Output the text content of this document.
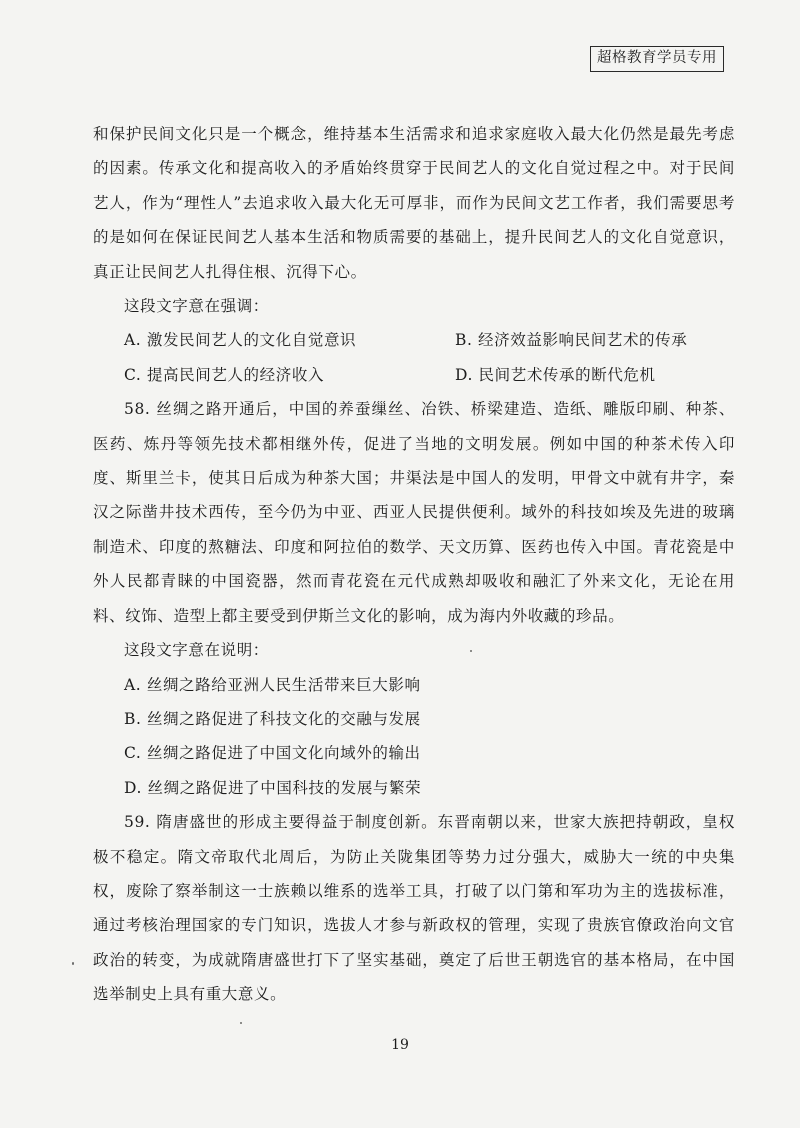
超格教育学员专用

和保护民间文化只是一个概念，维持基本生活需求和追求家庭收入最大化仍然是最先考虑的因素。传承文化和提高收入的矛盾始终贯穿于民间艺人的文化自觉过程之中。对于民间艺人，作为“理性人”去追求收入最大化无可厚非，而作为民间文艺工作者，我们需要思考的是如何在保证民间艺人基本生活和物质需要的基础上，提升民间艺人的文化自觉意识，真正让民间艺人扎得住根、沉得下心。

这段文字意在强调：

A. 激发民间艺人的文化自觉意识	B. 经济效益影响民间艺术的传承
C. 提高民间艺人的经济收入	D. 民间艺术传承的断代危机

58. 丝绸之路开通后，中国的养蚕缫丝、冶铁、桥梁建造、造纸、雕版印刷、种茶、医药、炼丹等领先技术都相继外传，促进了当地的文明发展。例如中国的种茶术传入印度、斯里兰卡，使其日后成为种茶大国；井渠法是中国人的发明，甲骨文中就有井字，秦汉之际凿井技术西传，至今仍为中亚、西亚人民提供便利。域外的科技如埃及先进的玻璃制造术、印度的熬糖法、印度和阿拉伯的数学、天文历算、医药也传入中国。青花瓷是中外人民都青睐的中国瓷器，然而青花瓷在元代成熟却吸收和融汇了外来文化，无论在用料、纹饰、造型上都主要受到伊斯兰文化的影响，成为海内外收藏的珍品。

这段文字意在说明：

A. 丝绸之路给亚洲人民生活带来巨大影响

B. 丝绸之路促进了科技文化的交融与发展

C. 丝绸之路促进了中国文化向域外的输出

D. 丝绸之路促进了中国科技的发展与繁荣

59. 隋唐盛世的形成主要得益于制度创新。东晋南朝以来，世家大族把持朝政，皇权极不稳定。隋文帝取代北周后，为防止关陇集团等势力过分强大，威胁大一统的中央集权，废除了察举制这一士族赖以维系的选举工具，打破了以门第和军功为主的选拔标准，通过考核治理国家的专门知识，选拔人才参与新政权的管理，实现了贵族官僚政治向文官政治的转变，为成就隋唐盛世打下了坚实基础，奠定了后世王朝选官的基本格局，在中国选举制史上具有重大意义。

19
